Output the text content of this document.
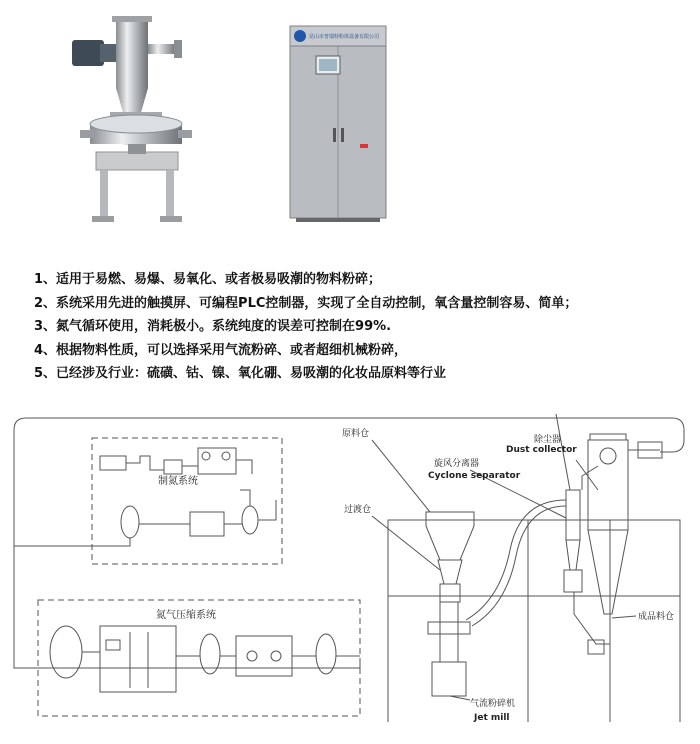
昆山市普瑞特粉体设备有限公司
1、适用于易燃、易爆、易氧化、或者极易吸潮的物料粉碎；
2、系统采用先进的触摸屏、可编程PLC控制器，实现了全自动控制，氧含量控制容易、简单；
3、氮气循环使用，消耗极小。系统纯度的误差可控制在99%.
4、根据物料性质，可以选择采用气流粉碎、或者超细机械粉碎，
5、已经涉及行业：硫磺、钴、镍、氧化硼、易吸潮的化妆品原料等行业
制氮系统
氮气压缩系统
原料仓
过渡仓
旋风分离器
Cyclone separator
除尘器
Dust collector
成品料仓
气流粉碎机
Jet mill
